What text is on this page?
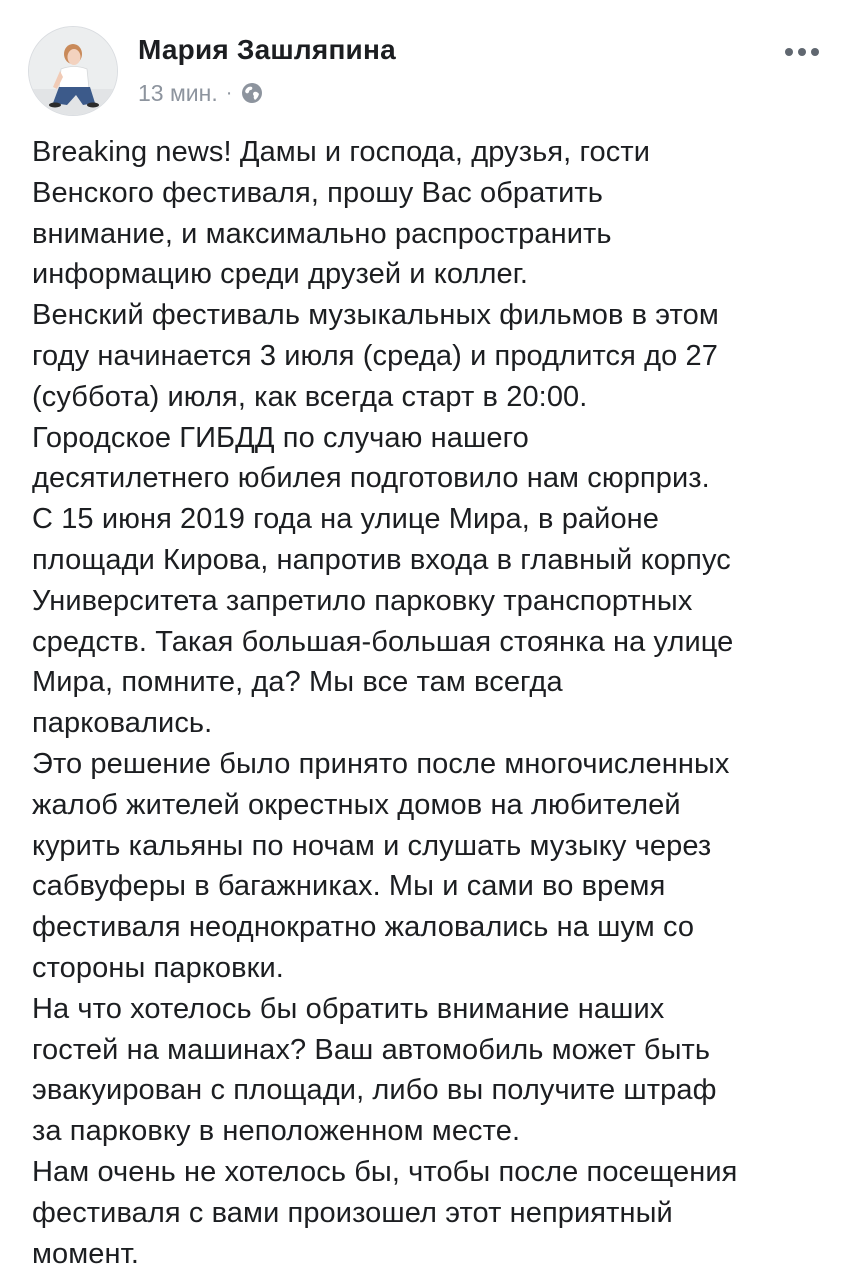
Мария Зашляпина
13 мин. ·
Breaking news! Дамы и господа, друзья, гости
Венского фестиваля, прошу Вас обратить
внимание, и максимально распространить
информацию среди друзей и коллег.
Венский фестиваль музыкальных фильмов в этом
году начинается 3 июля (среда) и продлится до 27
(суббота) июля, как всегда старт в 20:00.
Городское ГИБДД по случаю нашего
десятилетнего юбилея подготовило нам сюрприз.
С 15 июня 2019 года на улице Мира, в районе
площади Кирова, напротив входа в главный корпус
Университета запретило парковку транспортных
средств. Такая большая-большая стоянка на улице
Мира, помните, да? Мы все там всегда
парковались.
Это решение было принято после многочисленных
жалоб жителей окрестных домов на любителей
курить кальяны по ночам и слушать музыку через
сабвуферы в багажниках. Мы и сами во время
фестиваля неоднократно жаловались на шум со
стороны парковки.
На что хотелось бы обратить внимание наших
гостей на машинах? Ваш автомобиль может быть
эвакуирован с площади, либо вы получите штраф
за парковку в неположенном месте.
Нам очень не хотелось бы, чтобы после посещения
фестиваля с вами произошел этот неприятный
момент.
